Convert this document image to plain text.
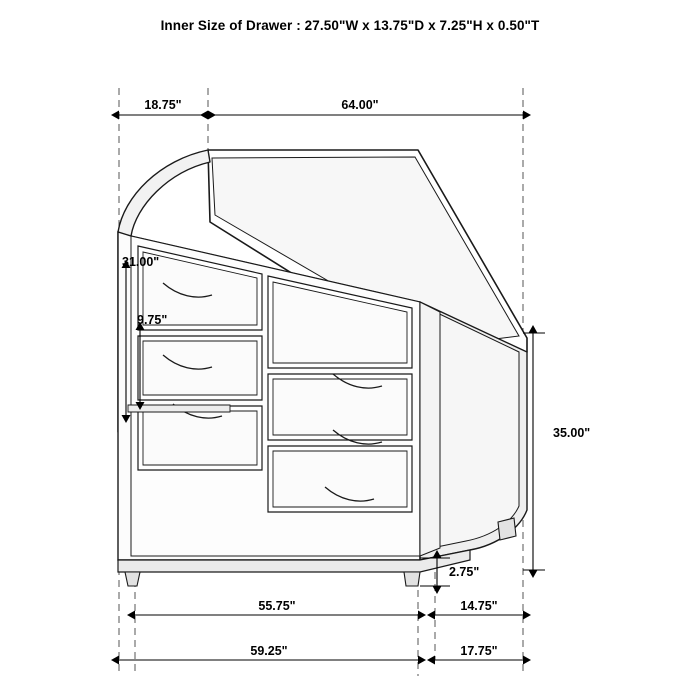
Inner Size of Drawer : 27.50"W x 13.75"D x 7.25"H x 0.50"T
18.75"	64.00"
31.00"
9.75"
35.00"
2.75"
55.75"	14.75"
59.25"	17.75"
